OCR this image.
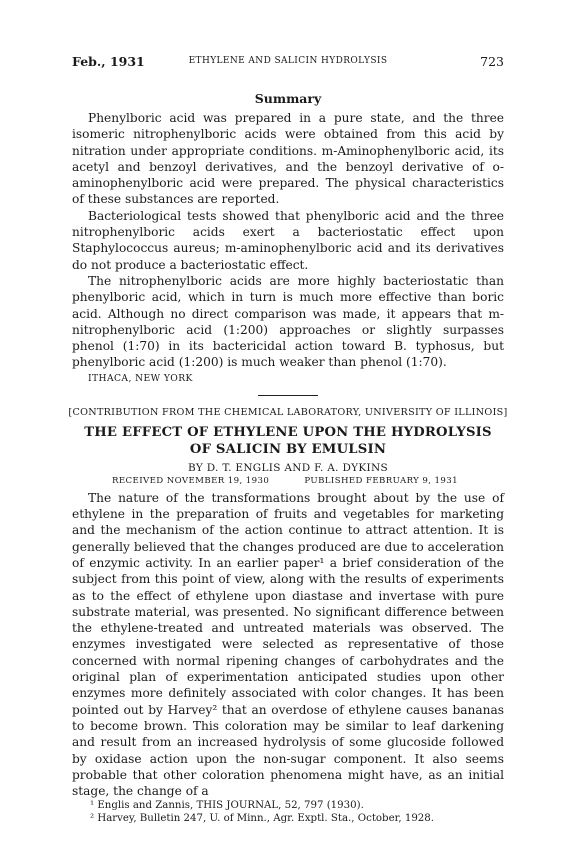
Feb., 1931	ETHYLENE AND SALICIN HYDROLYSIS	723
Summary

Phenylboric acid was prepared in a pure state, and the three isomeric nitrophenylboric acids were obtained from this acid by nitration under appropriate conditions. m-Aminophenylboric acid, its acetyl and benzoyl derivatives, and the benzoyl derivative of o-aminophenylboric acid were prepared. The physical characteristics of these substances are reported.

Bacteriological tests showed that phenylboric acid and the three nitrophenylboric acids exert a bacteriostatic effect upon Staphylococcus aureus; m-aminophenylboric acid and its derivatives do not produce a bacteriostatic effect.

The nitrophenylboric acids are more highly bacteriostatic than phenylboric acid, which in turn is much more effective than boric acid. Although no direct comparison was made, it appears that m-nitrophenylboric acid (1:200) approaches or slightly surpasses phenol (1:70) in its bactericidal action toward B. typhosus, but phenylboric acid (1:200) is much weaker than phenol (1:70).

ITHACA, NEW YORK
[CONTRIBUTION FROM THE CHEMICAL LABORATORY, UNIVERSITY OF ILLINOIS]
THE EFFECT OF ETHYLENE UPON THE HYDROLYSIS OF SALICIN BY EMULSIN
BY D. T. ENGLIS AND F. A. DYKINS
RECEIVED NOVEMBER 19, 1930	PUBLISHED FEBRUARY 9, 1931

The nature of the transformations brought about by the use of ethylene in the preparation of fruits and vegetables for marketing and the mechanism of the action continue to attract attention. It is generally believed that the changes produced are due to acceleration of enzymic activity. In an earlier paper¹ a brief consideration of the subject from this point of view, along with the results of experiments as to the effect of ethylene upon diastase and invertase with pure substrate material, was presented. No significant difference between the ethylene-treated and untreated materials was observed. The enzymes investigated were selected as representative of those concerned with normal ripening changes of carbohydrates and the original plan of experimentation anticipated studies upon other enzymes more definitely associated with color changes. It has been pointed out by Harvey² that an overdose of ethylene causes bananas to become brown. This coloration may be similar to leaf darkening and result from an increased hydrolysis of some glucoside followed by oxidase action upon the non-sugar component. It also seems probable that other coloration phenomena might have, as an initial stage, the change of a

¹ Englis and Zannis, THIS JOURNAL, 52, 797 (1930).
² Harvey, Bulletin 247, U. of Minn., Agr. Exptl. Sta., October, 1928.
